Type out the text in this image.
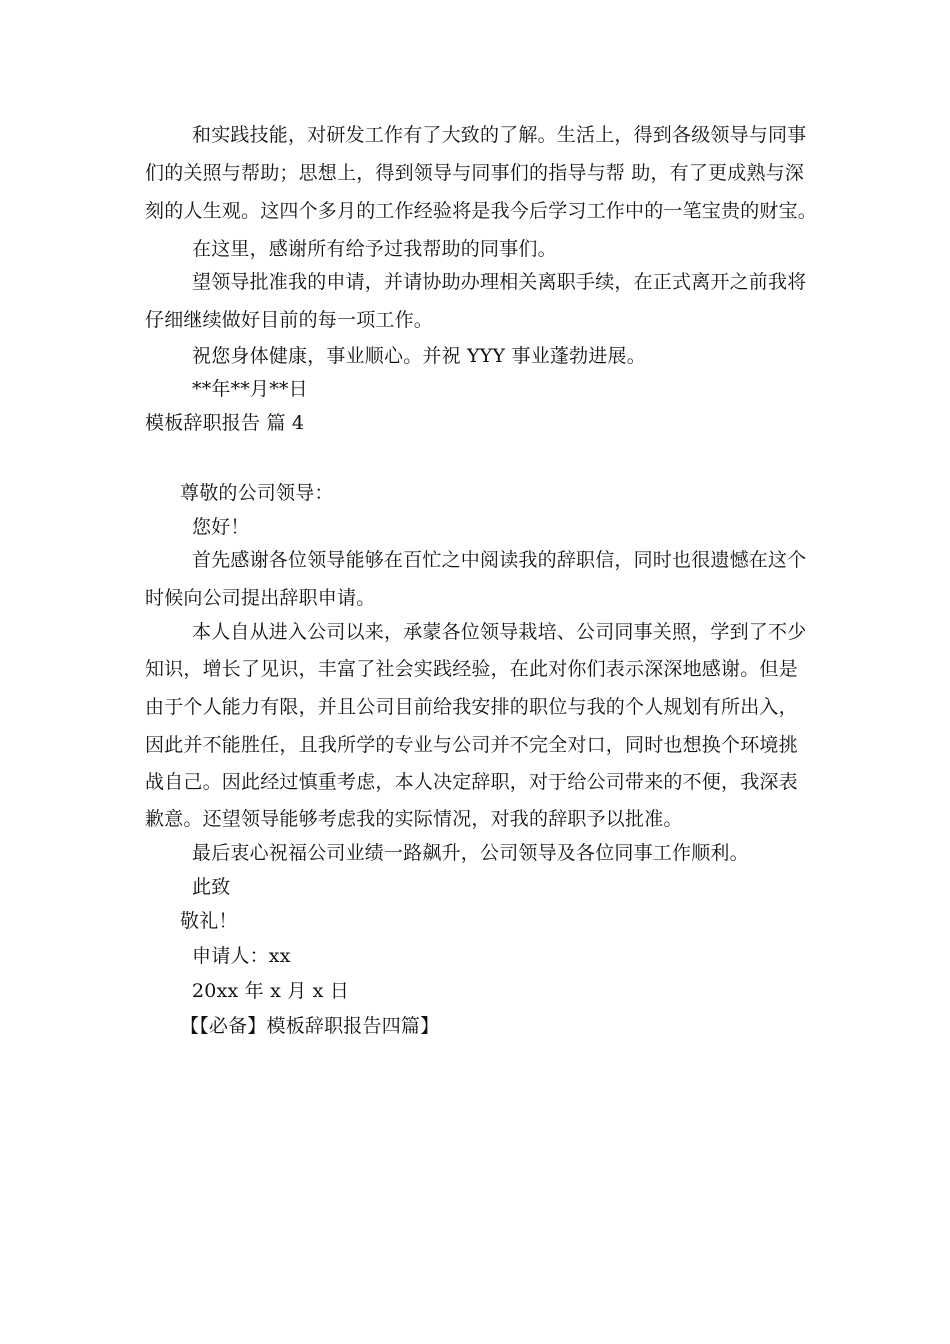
和实践技能，对研发工作有了大致的了解。生活上，得到各级领导与同事
们的关照与帮助；思想上，得到领导与同事们的指导与帮 助，有了更成熟与深
刻的人生观。这四个多月的工作经验将是我今后学习工作中的一笔宝贵的财宝。
在这里，感谢所有给予过我帮助的同事们。
望领导批准我的申请，并请协助办理相关离职手续，在正式离开之前我将
仔细继续做好目前的每一项工作。
祝您身体健康，事业顺心。并祝 YYY 事业蓬勃进展。
**年**月**日
模板辞职报告 篇 4
尊敬的公司领导：
您好！
首先感谢各位领导能够在百忙之中阅读我的辞职信，同时也很遗憾在这个
时候向公司提出辞职申请。
本人自从进入公司以来，承蒙各位领导栽培、公司同事关照，学到了不少
知识，增长了见识，丰富了社会实践经验，在此对你们表示深深地感谢。但是
由于个人能力有限，并且公司目前给我安排的职位与我的个人规划有所出入，
因此并不能胜任，且我所学的专业与公司并不完全对口，同时也想换个环境挑
战自己。因此经过慎重考虑，本人决定辞职，对于给公司带来的不便，我深表
歉意。还望领导能够考虑我的实际情况，对我的辞职予以批准。
最后衷心祝福公司业绩一路飙升，公司领导及各位同事工作顺利。
此致
敬礼！
申请人：xx
20xx 年 x 月 x 日
【【必备】模板辞职报告四篇】
